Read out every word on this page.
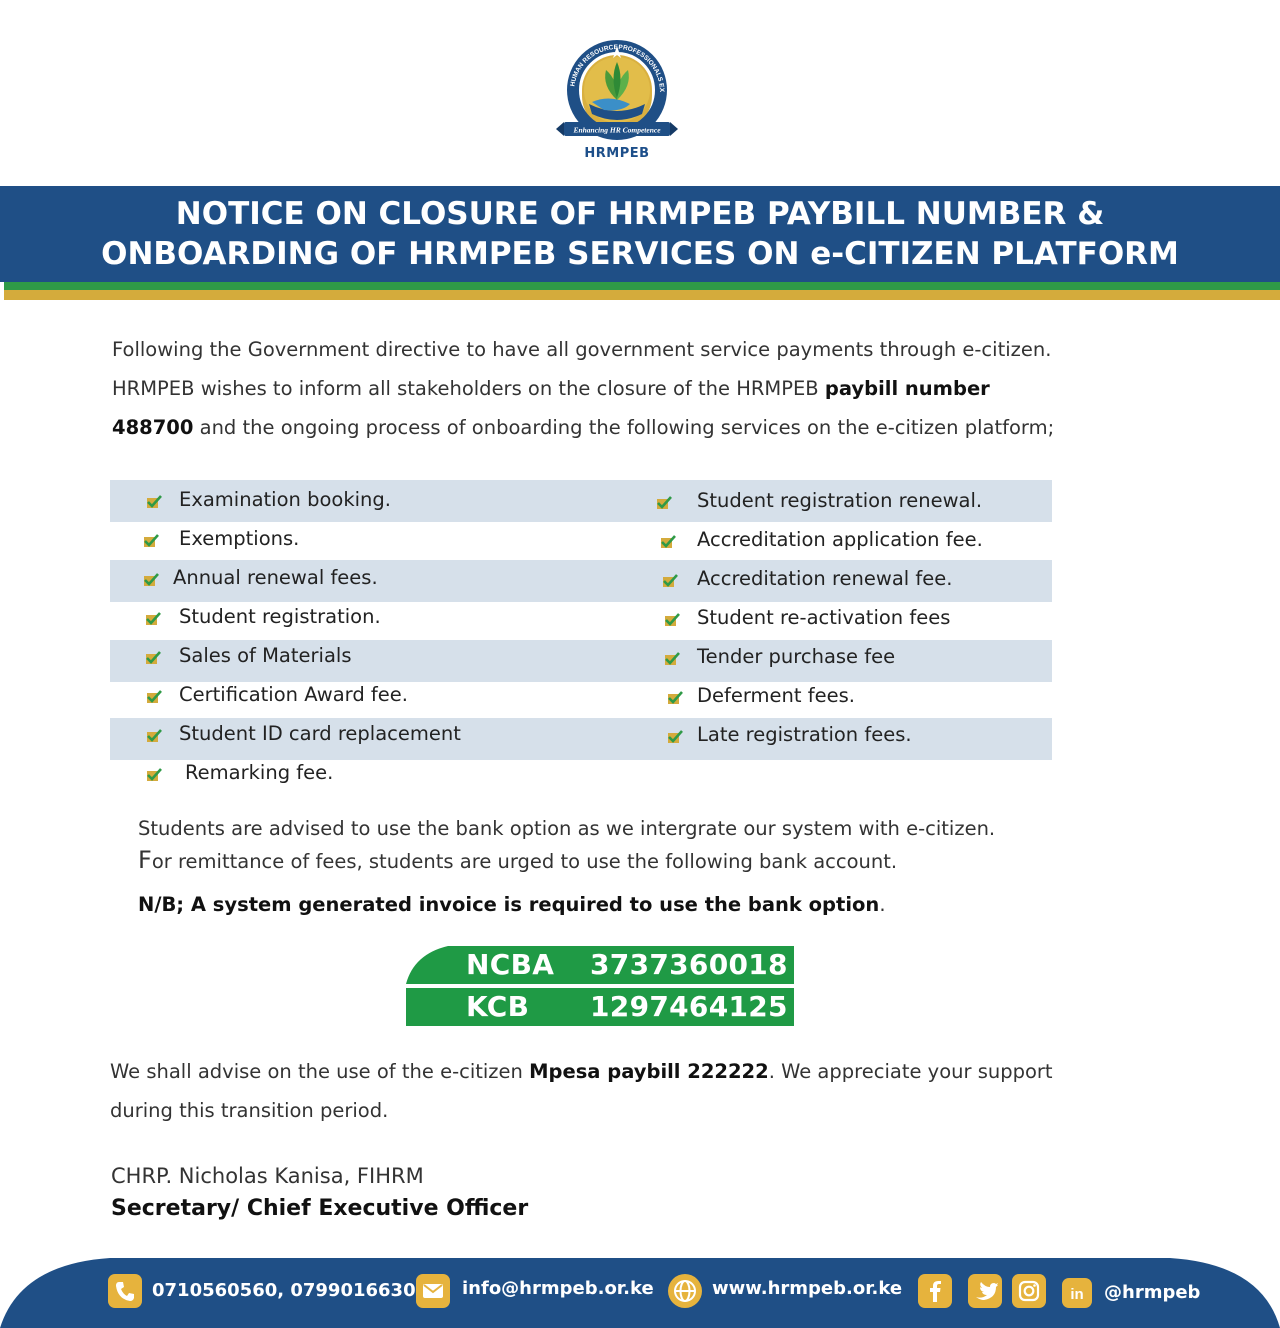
HUMAN RESOURCE PROFESSIONALS EX
Enhancing HR Competence
HRMPEB
NOTICE ON CLOSURE OF HRMPEB PAYBILL NUMBER &
ONBOARDING OF HRMPEB SERVICES ON e-CITIZEN PLATFORM
Following the Government directive to have all government service payments through e-citizen.
HRMPEB wishes to inform all stakeholders on the closure of the HRMPEB paybill number
488700 and the ongoing process of onboarding the following services on the e-citizen platform;
Examination booking.
Exemptions.
Annual renewal fees.
Student registration.
Sales of Materials
Certification Award fee.
Student ID card replacement
Remarking fee.
Student registration renewal.
Accreditation application fee.
Accreditation renewal fee.
Student re-activation fees
Tender purchase fee
Deferment fees.
Late registration fees.
Students are advised to use the bank option as we intergrate our system with e-citizen.
For remittance of fees, students are urged to use the following bank account.
N/B; A system generated invoice is required to use the bank option.
NCBA 3737360018
KCB 1297464125
We shall advise on the use of the e-citizen Mpesa paybill 222222. We appreciate your support
during this transition period.
CHRP. Nicholas Kanisa, FIHRM
Secretary/ Chief Executive Officer
0710560560, 0799016630	info@hrmpeb.or.ke	www.hrmpeb.or.ke	in @hrmpeb
